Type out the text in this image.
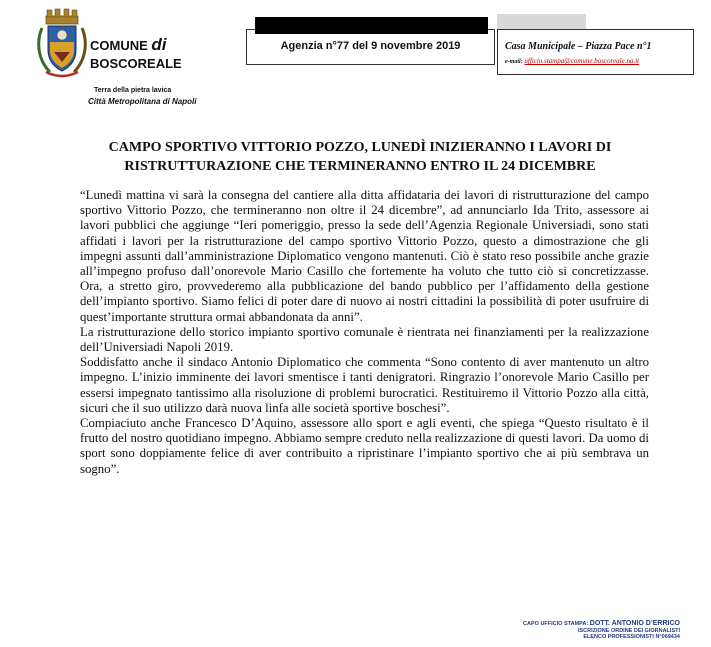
COMUNE di
BOSCOREALE
Terra della pietra lavica
Città Metropolitana di Napoli
Agenzia n°77 del 9 novembre 2019	Casa Municipale – Piazza Pace n°1
e-mail: ufficio.stampa@comune.boscoreale.na.it
CAMPO SPORTIVO VITTORIO POZZO, LUNEDÌ INIZIERANNO I LAVORI DI
RISTRUTTURAZIONE CHE TERMINERANNO ENTRO IL 24 DICEMBRE

“Lunedì mattina vi sarà la consegna del cantiere alla ditta affidataria dei lavori di ristrutturazione del campo sportivo Vittorio Pozzo, che termineranno non oltre il 24 dicembre”, ad annunciarlo Ida Trito, assessore ai lavori pubblici che aggiunge “Ieri pomeriggio, presso la sede dell’Agenzia Regionale Universiadi, sono stati affidati i lavori per la ristrutturazione del campo sportivo Vittorio Pozzo, questo a dimostrazione che gli impegni assunti dall’amministrazione Diplomatico vengono mantenuti. Ciò è stato reso possibile anche grazie all’impegno profuso dall’onorevole Mario Casillo che fortemente ha voluto che tutto ciò si concretizzasse. Ora, a stretto giro, provvederemo alla pubblicazione del bando pubblico per l’affidamento della gestione dell’impianto sportivo. Siamo felici di poter dare di nuovo ai nostri cittadini la possibilità di poter usufruire di quest’importante struttura ormai abbandonata da anni”.

La ristrutturazione dello storico impianto sportivo comunale è rientrata nei finanziamenti per la realizzazione dell’Universiadi Napoli 2019.

Soddisfatto anche il sindaco Antonio Diplomatico che commenta “Sono contento di aver mantenuto un altro impegno. L’inizio imminente dei lavori smentisce i tanti denigratori. Ringrazio l’onorevole Mario Casillo per essersi impegnato tantissimo alla risoluzione di problemi burocratici. Restituiremo il Vittorio Pozzo alla città, sicuri che il suo utilizzo darà nuova linfa alle società sportive boschesi”.

Compiaciuto anche Francesco D’Aquino, assessore allo sport e agli eventi, che spiega “Questo risultato è il frutto del nostro quotidiano impegno. Abbiamo sempre creduto nella realizzazione di questi lavori. Da uomo di sport sono doppiamente felice di aver contribuito a ripristinare l’impianto sportivo che ai più sembrava un sogno”.

CAPO UFFICIO STAMPA: DOTT. ANTONIO D’ERRICO
ISCRIZIONE ORDINE DEI GIORNALISTI
ELENCO PROFESSIONISTI N°069434
